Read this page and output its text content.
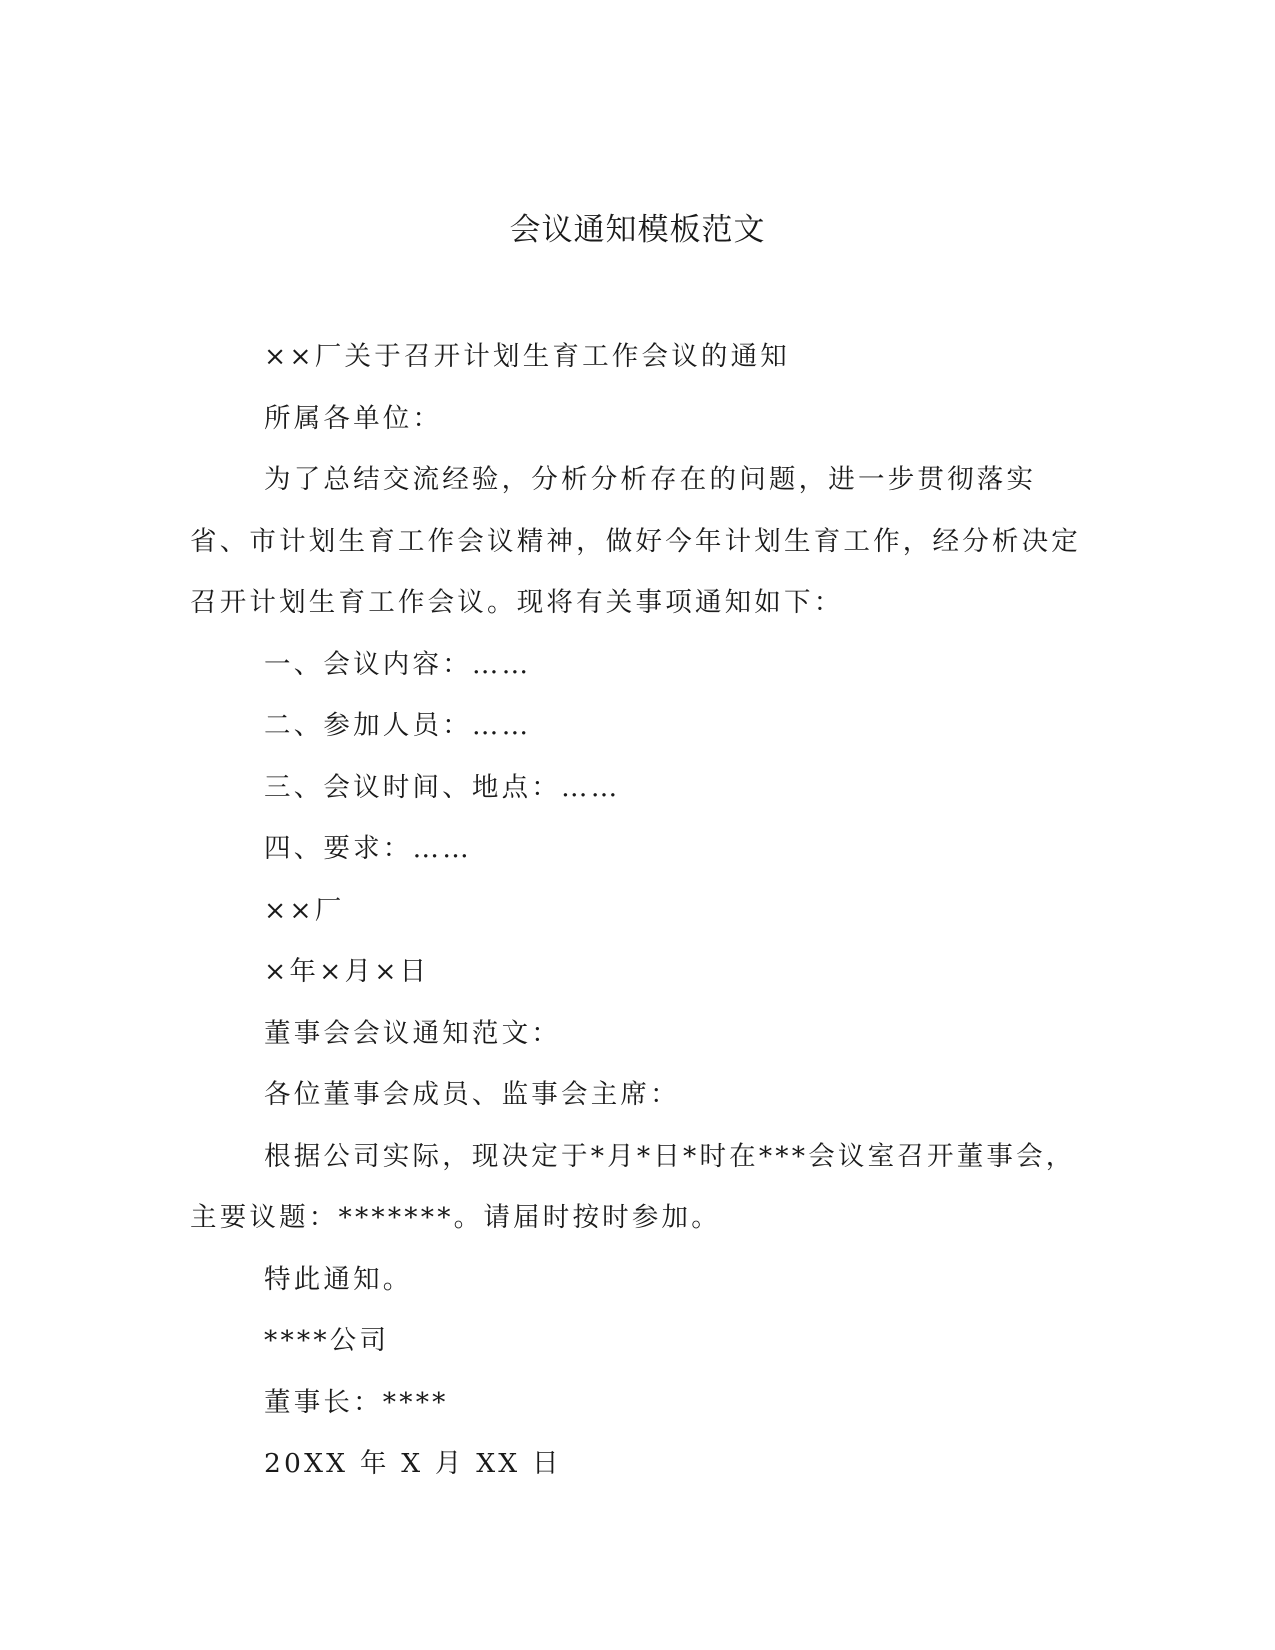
会议通知模板范文

××厂关于召开计划生育工作会议的通知

所属各单位：

为了总结交流经验，分析分析存在的问题，进一步贯彻落实省、市计划生育工作会议精神，做好今年计划生育工作，经分析决定召开计划生育工作会议。现将有关事项通知如下：

一、会议内容：……

二、参加人员：……

三、会议时间、地点：……

四、要求：……

××厂

×年×月×日

董事会会议通知范文：

各位董事会成员、监事会主席：

根据公司实际，现决定于*月*日*时在***会议室召开董事会，主要议题：*******。请届时按时参加。

特此通知。

****公司

董事长：****

20XX 年 X 月 XX 日
